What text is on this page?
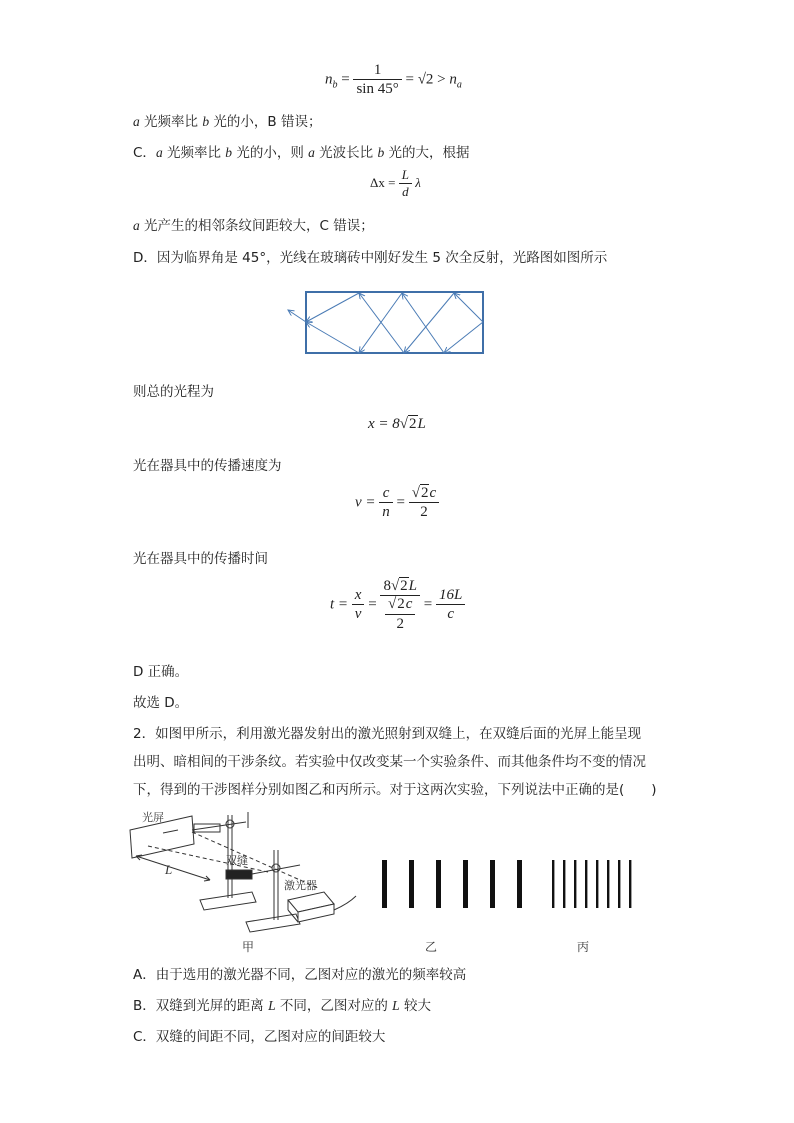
$n_b = \frac{1}{\sin 45^\circ} = √2 > n_a$
a 光频率比 b 光的小，B 错误；
C．a 光频率比 b 光的小，则 a 光波长比 b 光的大，根据
$\Delta x = \frac{L}{d}$ λ
a 光产生的相邻条纹间距较大，C 错误；
D．因为临界角是 45°，光线在玻璃砖中刚好发生 5 次全反射，光路图如图所示
则总的光程为
x = 8√2L
光在器具中的传播速度为
$v = \frac{c}{n} = \frac{√2c}{2}$
光在器具中的传播时间
$t = \frac{x}{v} = \frac{8√2L}{\frac{√2c}{2}} = \frac{16L}{c}$
D 正确。
故选 D。
2．如图甲所示，利用激光器发射出的激光照射到双缝上，在双缝后面的光屏上能呈现
出明、暗相间的干涉条纹。若实验中仅改变某一个实验条件、而其他条件均不变的情况
下，得到的干涉图样分别如图乙和丙所示。对于这两次实验，下列说法中正确的是(　　)
光屏
双缝
激光器
L
甲	乙	丙
A．由于选用的激光器不同，乙图对应的激光的频率较高
B．双缝到光屏的距离 L 不同，乙图对应的 L 较大
C．双缝的间距不同，乙图对应的间距较大
